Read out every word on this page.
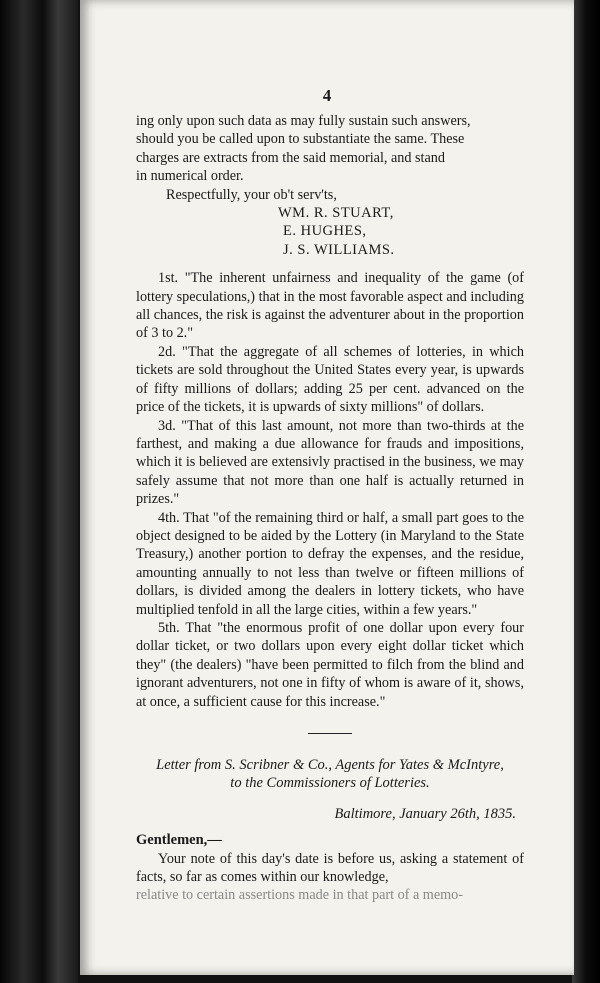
4

ing only upon such data as may fully sustain such answers,

should you be called upon to substantiate the same. These

charges are extracts from the said memorial, and stand

in numerical order.

Respectfully, your ob't serv'ts,

WM. R. STUART,
E. HUGHES,
J. S. WILLIAMS.

1st. "The inherent unfairness and inequality of the game (of lottery speculations,) that in the most favorable aspect and including all chances, the risk is against the adventurer about in the proportion of 3 to 2."

2d. "That the aggregate of all schemes of lotteries, in which tickets are sold throughout the United States every year, is upwards of fifty millions of dollars; adding 25 per cent. advanced on the price of the tickets, it is upwards of sixty millions" of dollars.

3d. "That of this last amount, not more than two-thirds at the farthest, and making a due allowance for frauds and impositions, which it is believed are extensivly practised in the business, we may safely assume that not more than one half is actually returned in prizes."

4th. That "of the remaining third or half, a small part goes to the object designed to be aided by the Lottery (in Maryland to the State Treasury,) another portion to defray the expenses, and the residue, amounting annually to not less than twelve or fifteen millions of dollars, is divided among the dealers in lottery tickets, who have multiplied tenfold in all the large cities, within a few years."

5th. That "the enormous profit of one dollar upon every four dollar ticket, or two dollars upon every eight dollar ticket which they" (the dealers) "have been permitted to filch from the blind and ignorant adventurers, not one in fifty of whom is aware of it, shows, at once, a sufficient cause for this increase."

Letter from S. Scribner & Co., Agents for Yates & McIntyre,
to the Commissioners of Lotteries.
Baltimore, January 26th, 1835.
Gentlemen,—

Your note of this day's date is before us, asking a statement of facts, so far as comes within our knowledge,

relative to certain assertions made in that part of a memo-
